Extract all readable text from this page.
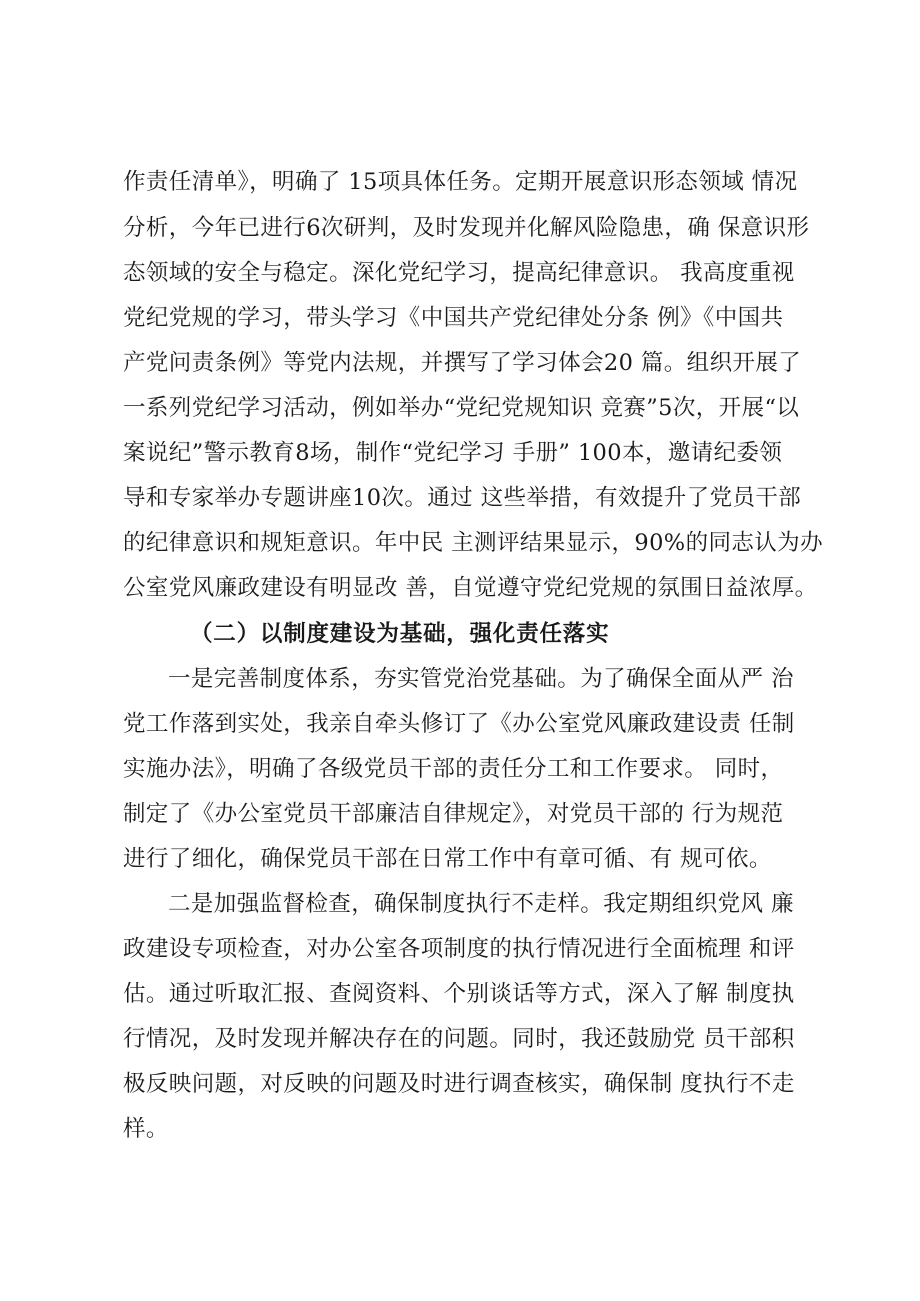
作责任清单》，明确了 15项具体任务。定期开展意识形态领域 情况
分析，今年已进行6次研判，及时发现并化解风险隐患，确 保意识形
态领域的安全与稳定。深化党纪学习，提高纪律意识。 我高度重视
党纪党规的学习，带头学习《中国共产党纪律处分条 例》《中国共
产党问责条例》等党内法规，并撰写了学习体会20 篇。组织开展了
一系列党纪学习活动，例如举办“党纪党规知识 竞赛”5次，开展“以
案说纪”警示教育8场，制作“党纪学习 手册” 100本，邀请纪委领
导和专家举办专题讲座10次。通过 这些举措，有效提升了党员干部
的纪律意识和规矩意识。年中民 主测评结果显示，90%的同志认为办
公室党风廉政建设有明显改 善，自觉遵守党纪党规的氛围日益浓厚。
（二）以制度建设为基础，强化责任落实
一是完善制度体系，夯实管党治党基础。为了确保全面从严 治
党工作落到实处，我亲自牵头修订了《办公室党风廉政建设责 任制
实施办法》，明确了各级党员干部的责任分工和工作要求。 同时，
制定了《办公室党员干部廉洁自律规定》，对党员干部的 行为规范
进行了细化，确保党员干部在日常工作中有章可循、有 规可依。
二是加强监督检查，确保制度执行不走样。我定期组织党风 廉
政建设专项检查，对办公室各项制度的执行情况进行全面梳理 和评
估。通过听取汇报、查阅资料、个别谈话等方式，深入了解 制度执
行情况，及时发现并解决存在的问题。同时，我还鼓励党 员干部积
极反映问题，对反映的问题及时进行调查核实，确保制 度执行不走
样。
